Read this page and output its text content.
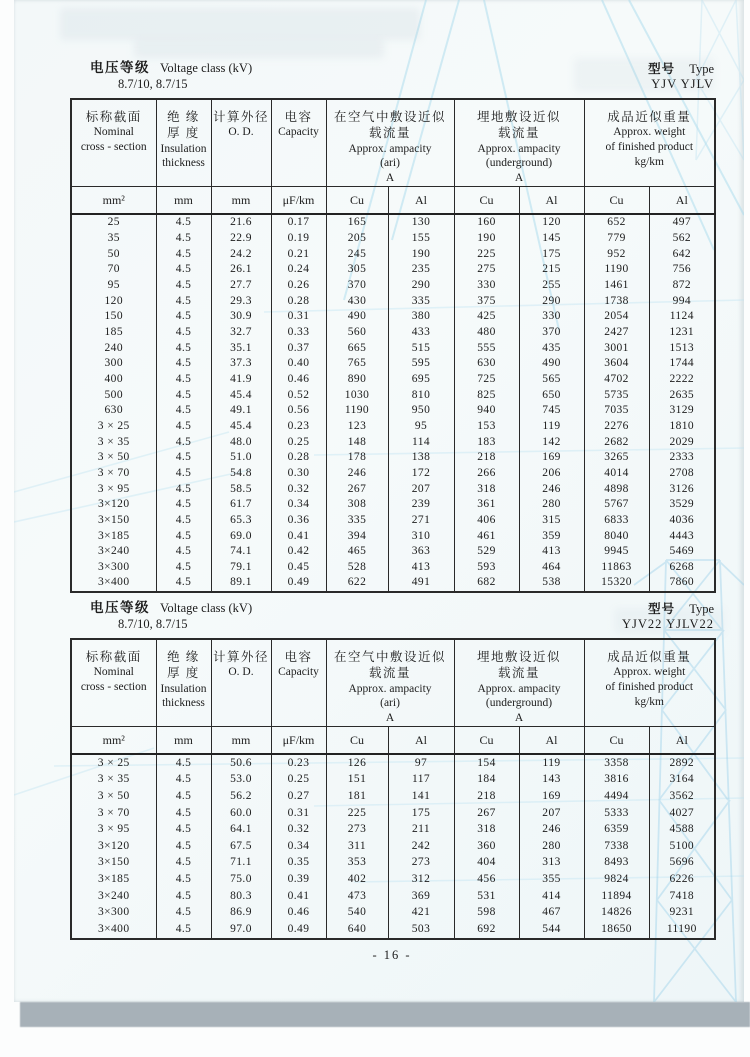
电压等级 Voltage class (kV)
8.7/10, 8.7/15
型号 Type
YJV YJLV
标称截面
Nominal
cross - section	绝 缘
厚 度
Insulation
thickness	计算外径
O. D.	电容
Capacity	在空气中敷设近似
载流量
Approx. ampacity
(ari)
A		埋地敷设近似
载流量
Approx. ampacity
(underground)
A		成品近似重量
Approx. weight
of finished product
kg/km	

mm²	mm	mm	μF/km	Cu	Al	Cu	Al	Cu	Al
25	4.5	21.6	0.17	165	130	160	120	652	497
35	4.5	22.9	0.19	205	155	190	145	779	562
50	4.5	24.2	0.21	245	190	225	175	952	642
70	4.5	26.1	0.24	305	235	275	215	1190	756
95	4.5	27.7	0.26	370	290	330	255	1461	872
120	4.5	29.3	0.28	430	335	375	290	1738	994
150	4.5	30.9	0.31	490	380	425	330	2054	1124
185	4.5	32.7	0.33	560	433	480	370	2427	1231
240	4.5	35.1	0.37	665	515	555	435	3001	1513
300	4.5	37.3	0.40	765	595	630	490	3604	1744
400	4.5	41.9	0.46	890	695	725	565	4702	2222
500	4.5	45.4	0.52	1030	810	825	650	5735	2635
630	4.5	49.1	0.56	1190	950	940	745	7035	3129
3 × 25	4.5	45.4	0.23	123	95	153	119	2276	1810
3 × 35	4.5	48.0	0.25	148	114	183	142	2682	2029
3 × 50	4.5	51.0	0.28	178	138	218	169	3265	2333
3 × 70	4.5	54.8	0.30	246	172	266	206	4014	2708
3 × 95	4.5	58.5	0.32	267	207	318	246	4898	3126
3×120	4.5	61.7	0.34	308	239	361	280	5767	3529
3×150	4.5	65.3	0.36	335	271	406	315	6833	4036
3×185	4.5	69.0	0.41	394	310	461	359	8040	4443
3×240	4.5	74.1	0.42	465	363	529	413	9945	5469
3×300	4.5	79.1	0.45	528	413	593	464	11863	6268
3×400	4.5	89.1	0.49	622	491	682	538	15320	7860
电压等级 Voltage class (kV)
8.7/10, 8.7/15
型号 Type
YJV22 YJLV22
标称截面
Nominal
cross - section	绝 缘
厚 度
Insulation
thickness	计算外径
O. D.	电容
Capacity	在空气中敷设近似
载流量
Approx. ampacity
(ari)
A		埋地敷设近似
载流量
Approx. ampacity
(underground)
A		成品近似重量
Approx. weight
of finished product
kg/km	

mm²	mm	mm	μF/km	Cu	Al	Cu	Al	Cu	Al
3 × 25	4.5	50.6	0.23	126	97	154	119	3358	2892
3 × 35	4.5	53.0	0.25	151	117	184	143	3816	3164
3 × 50	4.5	56.2	0.27	181	141	218	169	4494	3562
3 × 70	4.5	60.0	0.31	225	175	267	207	5333	4027
3 × 95	4.5	64.1	0.32	273	211	318	246	6359	4588
3×120	4.5	67.5	0.34	311	242	360	280	7338	5100
3×150	4.5	71.1	0.35	353	273	404	313	8493	5696
3×185	4.5	75.0	0.39	402	312	456	355	9824	6226
3×240	4.5	80.3	0.41	473	369	531	414	11894	7418
3×300	4.5	86.9	0.46	540	421	598	467	14826	9231
3×400	4.5	97.0	0.49	640	503	692	544	18650	11190
- 16 -
